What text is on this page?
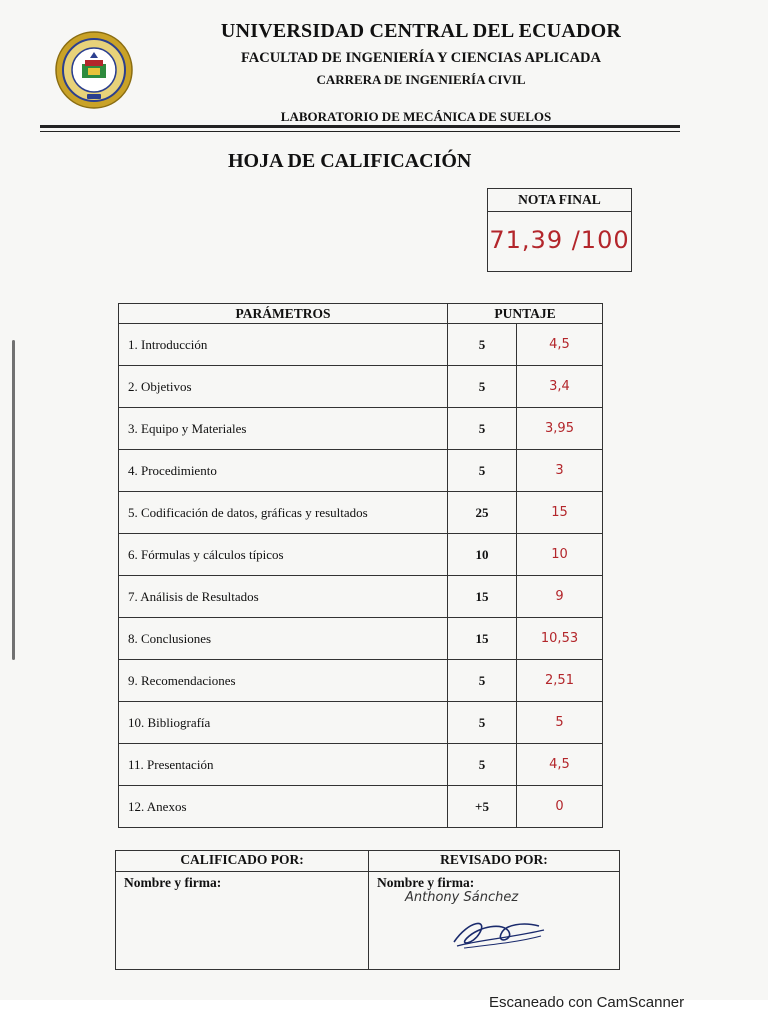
UNIVERSIDAD CENTRAL DEL ECUADOR
FACULTAD DE INGENIERÍA Y CIENCIAS APLICADA
CARRERA DE INGENIERÍA CIVIL
LABORATORIO DE MECÁNICA DE SUELOS
HOJA DE CALIFICACIÓN
NOTA FINAL
71,39 /100
PARÁMETROS	PUNTAJE	
1. Introducción	5	4,5
2. Objetivos	5	3,4
3. Equipo y Materiales	5	3,95
4. Procedimiento	5	3
5. Codificación de datos, gráficas y resultados	25	15
6. Fórmulas y cálculos típicos	10	10
7. Análisis de Resultados	15	9
8. Conclusiones	15	10,53
9. Recomendaciones	5	2,51
10. Bibliografía	5	5
11. Presentación	5	4,5
12. Anexos	+5	0
CALIFICADO POR:	REVISADO POR:
Nombre y firma:	Nombre y firma:
Anthony Sánchez
Escaneado con CamScanner
